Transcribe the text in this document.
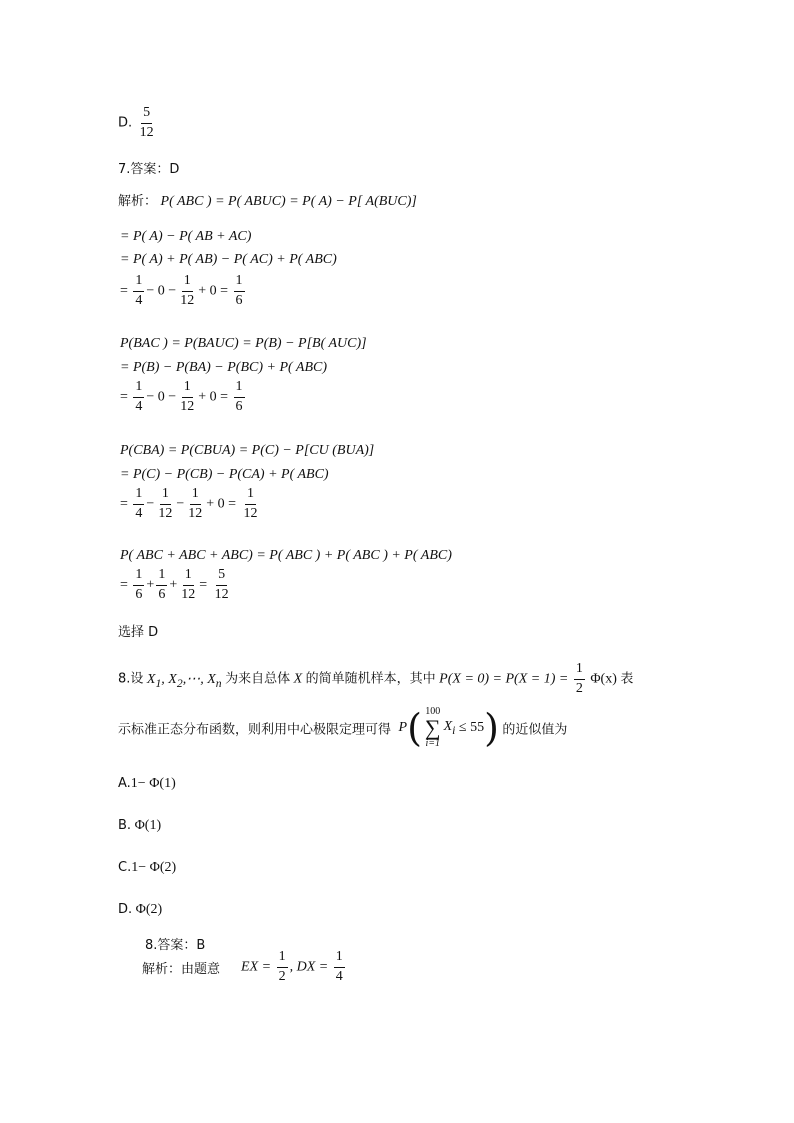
D. $\frac{5}{12}$
7.答案：D
解析： P( ABC ) = P( ABUC) = P( A) − P[ A(BUC)]
= P( A) − P( AB + AC)
= P( A) + P( AB) − P( AC) + P( ABC)
= $\frac{1}{4} - 0 - \frac{1}{12} + 0 = \frac{1}{6}$
P(BAC ) = P(BAUC) = P(B) − P[B( AUC)]
= P(B) − P(BA) − P(BC) + P( ABC)
= $\frac{1}{4} - 0 - \frac{1}{12} + 0 = \frac{1}{6}$
P(CBA) = P(CBUA) = P(C) − P[CU (BUA)]
= P(C) − P(CB) − P(CA) + P( ABC)
= $\frac{1}{4} - \frac{1}{12} - \frac{1}{12} + 0 = \frac{1}{12}$
P( ABC + ABC + ABC) = P( ABC ) + P( ABC ) + P( ABC)
= $\frac{1}{6} + \frac{1}{6} + \frac{1}{12} = \frac{5}{12}$
选择 D
8.设 $X_1$, $X_2,\cdots$, $X_n$ 为来自总体 X 的简单随机样本，其中 $P(X = 0) = P(X = 1) = \frac{1}{2} \Phi(x)$ 表
示标准正态分布函数，则利用中心极限定理可得 P( 100
∑
i=1
$X_i \le 55$) 的近似值为
A.1− Φ(1)
B. Φ(1)
C.1− Φ(2)
D. Φ(2)
8.答案：B
解析：由题意 EX = $\frac{1}{2}$ , DX = $\frac{1}{4}$
